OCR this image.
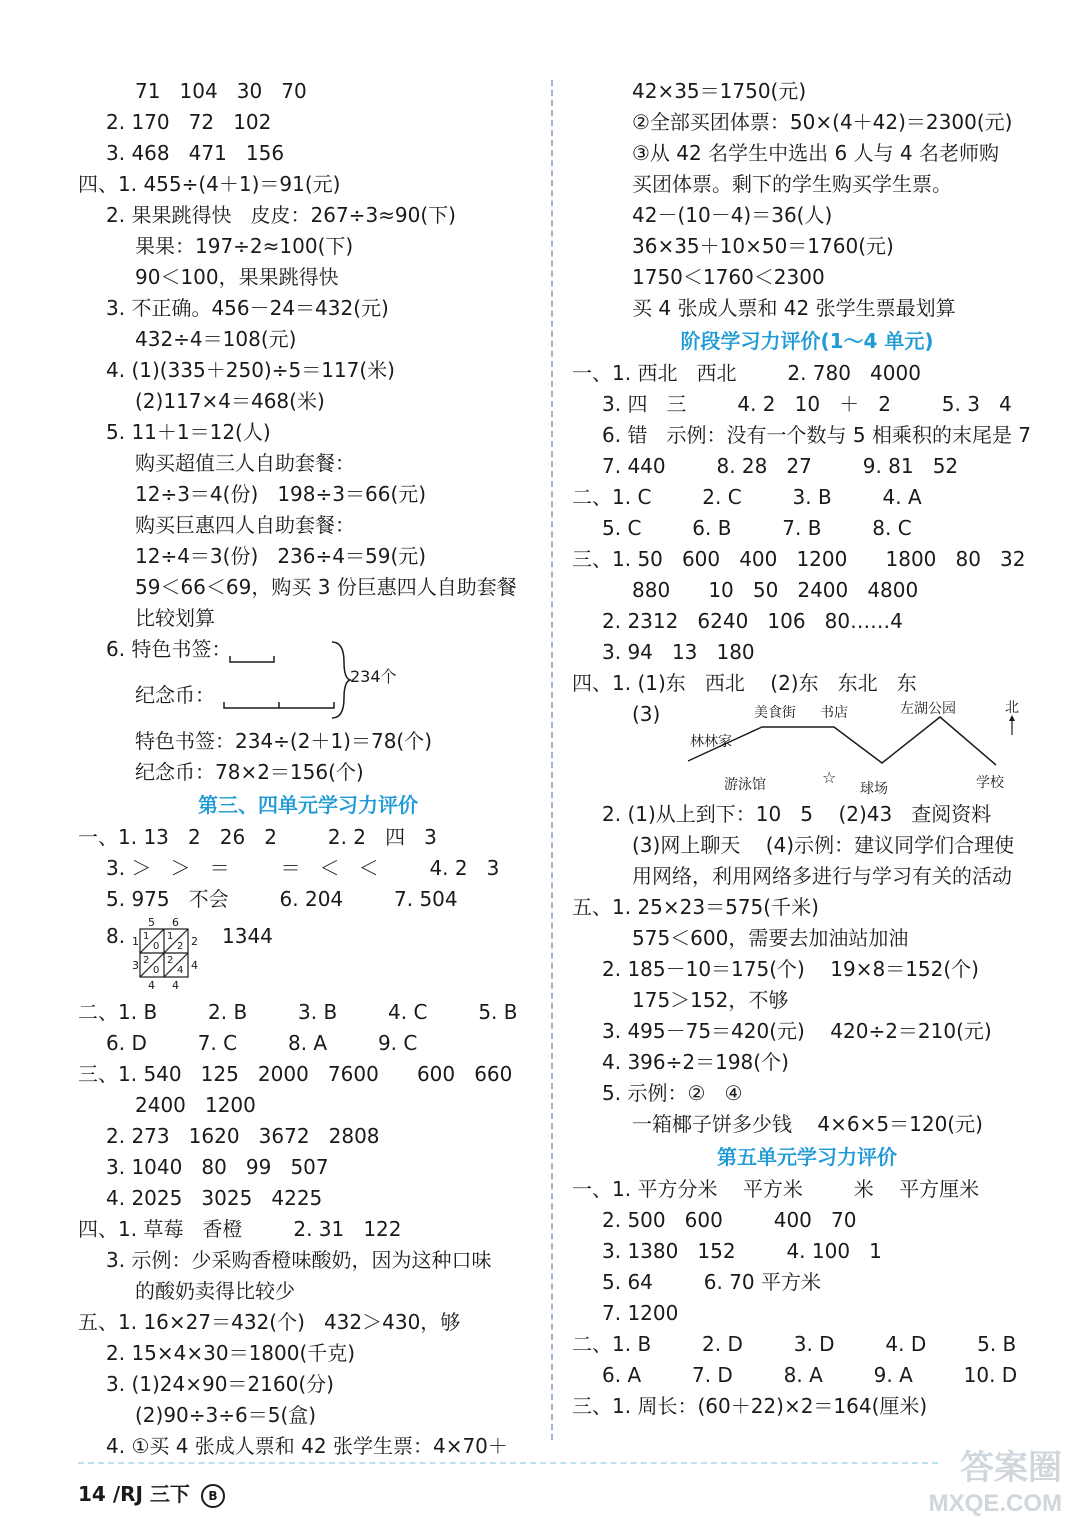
71   104   30   70
2. 170   72   102
3. 468   471   156
四、1. 455÷(4＋1)＝91(元)
2. 果果跳得快   皮皮：267÷3≈90(下)
果果：197÷2≈100(下)
90＜100，果果跳得快
3. 不正确。456－24＝432(元)
432÷4＝108(元)
4. (1)(335＋250)÷5＝117(米)
(2)117×4＝468(米)
5. 11＋1＝12(人)
购买超值三人自助套餐：
12÷3＝4(份)   198÷3＝66(元)
购买巨惠四人自助套餐：
12÷4＝3(份)   236÷4＝59(元)
59＜66＜69，购买 3 份巨惠四人自助套餐
比较划算
6. 特色书签：
纪念币：
234个
特色书签：234÷(2＋1)＝78(个)
纪念币：78×2＝156(个)
第三、四单元学习力评价
一、1. 13   2   26   2        2. 2   四   3
3. ＞   ＞   ＝        ＝   ＜   ＜        4. 2   3
5. 975   不会        6. 204        7. 504
8.	1344
5 6
2
4
1
3
4 4
1
0
1
2
2
0
2
4
二、1. B        2. B        3. B        4. C        5. B
6. D        7. C        8. A        9. C
三、1. 540   125   2000   7600      600   660
2400   1200
2. 273   1620   3672   2808
3. 1040   80   99   507
4. 2025   3025   4225
四、1. 草莓   香橙        2. 31   122
3. 示例：少采购香橙味酸奶，因为这种口味
的酸奶卖得比较少
五、1. 16×27＝432(个)   432＞430，够
2. 15×4×30＝1800(千克)
3. (1)24×90＝2160(分)
(2)90÷3÷6＝5(盒)
4. ①买 4 张成人票和 42 张学生票：4×70＋
42×35＝1750(元)
②全部买团体票：50×(4＋42)＝2300(元)
③从 42 名学生中选出 6 人与 4 名老师购
买团体票。剩下的学生购买学生票。
42－(10－4)＝36(人)
36×35＋10×50＝1760(元)
1750＜1760＜2300
买 4 张成人票和 42 张学生票最划算
阶段学习力评价(1～4 单元)
一、1. 西北   西北        2. 780   4000
3. 四   三        4. 2   10   ＋   2        5. 3   4
6. 错   示例：没有一个数与 5 相乘积的末尾是 7
7. 440        8. 28   27        9. 81   52
二、1. C        2. C        3. B        4. A
5. C        6. B        7. B        8. C
三、1. 50   600   400   1200      1800   80   32
880      10   50   2400   4800
2. 2312   6240   106   80……4
3. 94   13   180
四、1. (1)东   西北    (2)东   东北   东
(3)
林林家
美食街 书店
游泳馆	球场
左湖公园
学校
北
☆
2. (1)从上到下：10   5    (2)43   查阅资料
(3)网上聊天    (4)示例：建议同学们合理使
用网络，利用网络多进行与学习有关的活动
五、1. 25×23＝575(千米)
575＜600，需要去加油站加油
2. 185－10＝175(个)    19×8＝152(个)
175＞152，不够
3. 495－75＝420(元)    420÷2＝210(元)
4. 396÷2＝198(个)
5. 示例：②   ④
一箱椰子饼多少钱    4×6×5＝120(元)
第五单元学习力评价
一、1. 平方分米    平方米        米    平方厘米
2. 500   600        400   70
3. 1380   152        4. 100   1
5. 64        6. 70 平方米
7. 1200
二、1. B        2. D        3. D        4. D        5. B
6. A        7. D        8. A        9. A        10. D
三、1. 周长：(60＋22)×2＝164(厘米)
14 /RJ 三下 B
答案圈
MXQE.COM
